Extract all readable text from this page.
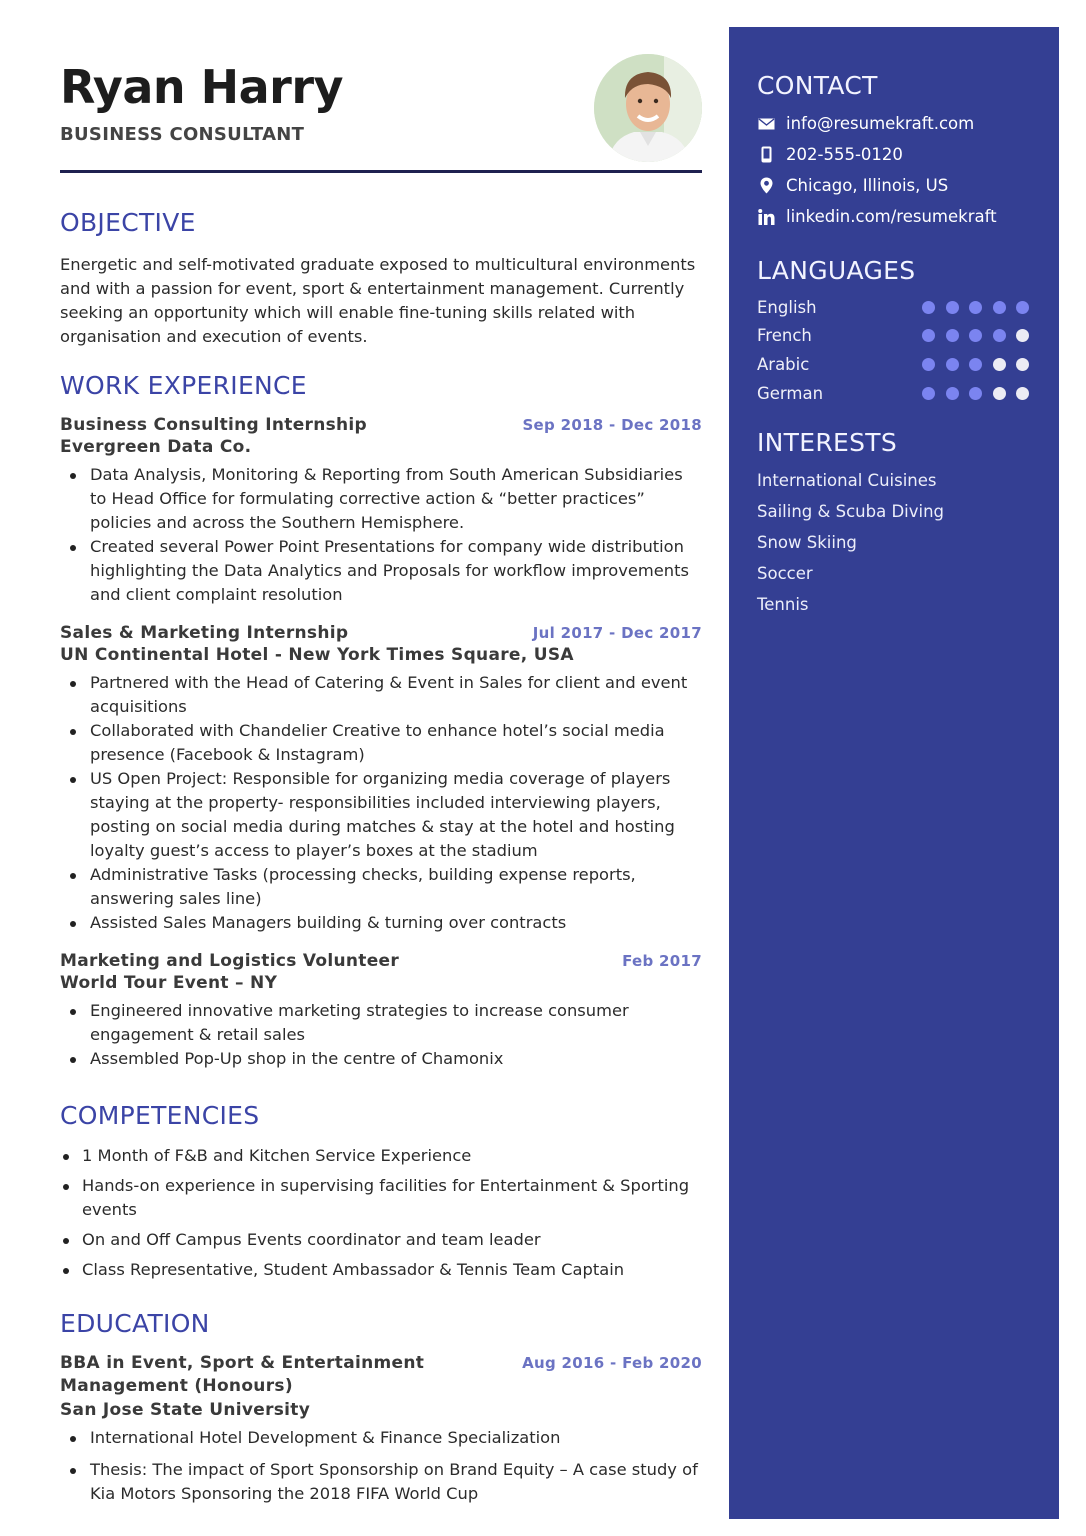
Ryan Harry
BUSINESS CONSULTANT
OBJECTIVE
Energetic and self-motivated graduate exposed to multicultural environments and with a passion for event, sport & entertainment management. Currently seeking an opportunity which will enable fine-tuning skills related with organisation and execution of events.
WORK EXPERIENCE
Business Consulting Internship	Sep 2018 - Dec 2018
Evergreen Data Co.
Data Analysis, Monitoring & Reporting from South American Subsidiaries to Head Office for formulating corrective action & “better practices” policies and across the Southern Hemisphere.
Created several Power Point Presentations for company wide distribution highlighting the Data Analytics and Proposals for workflow improvements and client complaint resolution
Sales & Marketing Internship	Jul 2017 - Dec 2017
UN Continental Hotel - New York Times Square, USA
Partnered with the Head of Catering & Event in Sales for client and event acquisitions
Collaborated with Chandelier Creative to enhance hotel’s social media presence (Facebook & Instagram)
US Open Project: Responsible for organizing media coverage of players staying at the property- responsibilities included interviewing players, posting on social media during matches & stay at the hotel and hosting loyalty guest’s access to player’s boxes at the stadium
Administrative Tasks (processing checks, building expense reports, answering sales line)
Assisted Sales Managers building & turning over contracts
Marketing and Logistics Volunteer	Feb 2017
World Tour Event – NY
Engineered innovative marketing strategies to increase consumer engagement & retail sales
Assembled Pop-Up shop in the centre of Chamonix
COMPETENCIES
1 Month of F&B and Kitchen Service Experience
Hands-on experience in supervising facilities for Entertainment & Sporting events
On and Off Campus Events coordinator and team leader
Class Representative, Student Ambassador & Tennis Team Captain
EDUCATION
BBA in Event, Sport & Entertainment Management (Honours)
Aug 2016 - Feb 2020
San Jose State University
International Hotel Development & Finance Specialization
Thesis: The impact of Sport Sponsorship on Brand Equity – A case study of Kia Motors Sponsoring the 2018 FIFA World Cup
CONTACT
info@resumekraft.com
202-555-0120
Chicago, Illinois, US
linkedin.com/resumekraft
LANGUAGES
English
French
Arabic
German
INTERESTS
International Cuisines
Sailing & Scuba Diving
Snow Skiing
Soccer
Tennis
